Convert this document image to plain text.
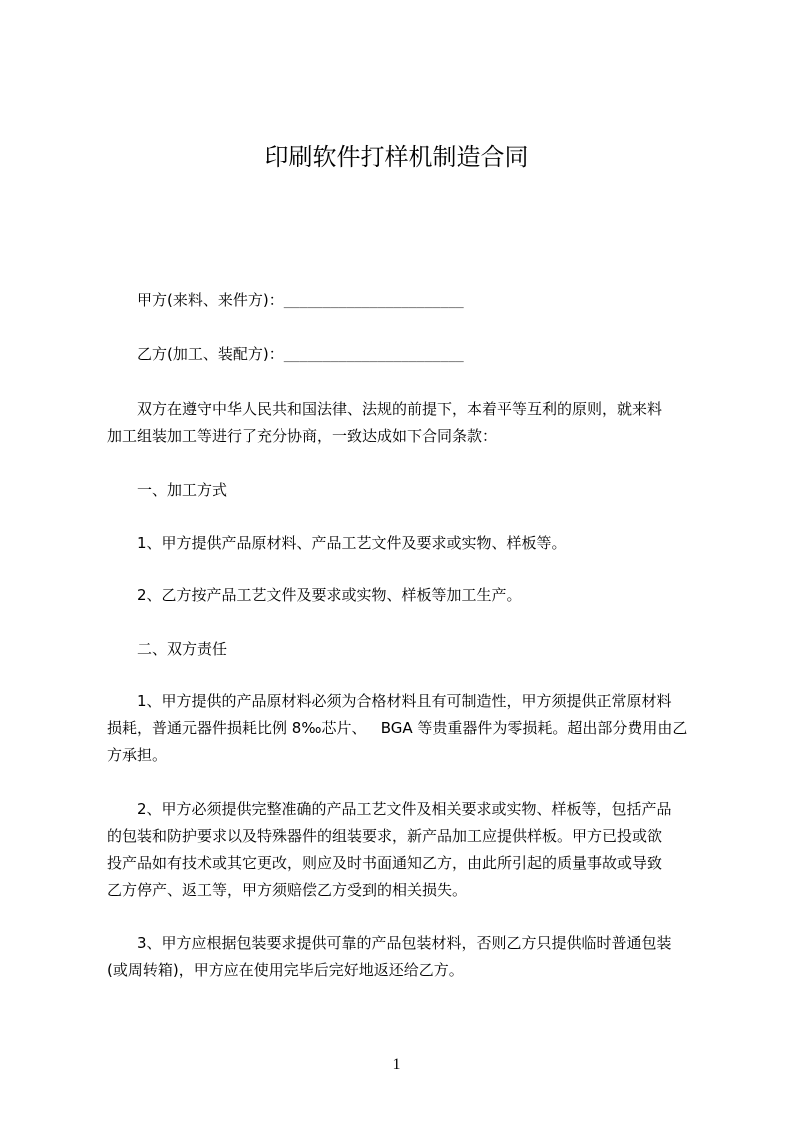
印刷软件打样机制造合同
甲方(来料、来件方)：_______________________
乙方(加工、装配方)：_______________________
双方在遵守中华人民共和国法律、法规的前提下，本着平等互利的原则，就来料
加工组装加工等进行了充分协商，一致达成如下合同条款：
一、加工方式
1、甲方提供产品原材料、产品工艺文件及要求或实物、样板等。
2、乙方按产品工艺文件及要求或实物、样板等加工生产。
二、双方责任
1、甲方提供的产品原材料必须为合格材料且有可制造性，甲方须提供正常原材料
损耗，普通元器件损耗比例 8‰芯片、   BGA 等贵重器件为零损耗。超出部分费用由乙
方承担。
2、甲方必须提供完整准确的产品工艺文件及相关要求或实物、样板等，包括产品
的包装和防护要求以及特殊器件的组装要求，新产品加工应提供样板。甲方已投或欲
投产品如有技术或其它更改，则应及时书面通知乙方，由此所引起的质量事故或导致
乙方停产、返工等，甲方须赔偿乙方受到的相关损失。
3、甲方应根据包装要求提供可靠的产品包装材料，否则乙方只提供临时普通包装
(或周转箱)，甲方应在使用完毕后完好地返还给乙方。
1
